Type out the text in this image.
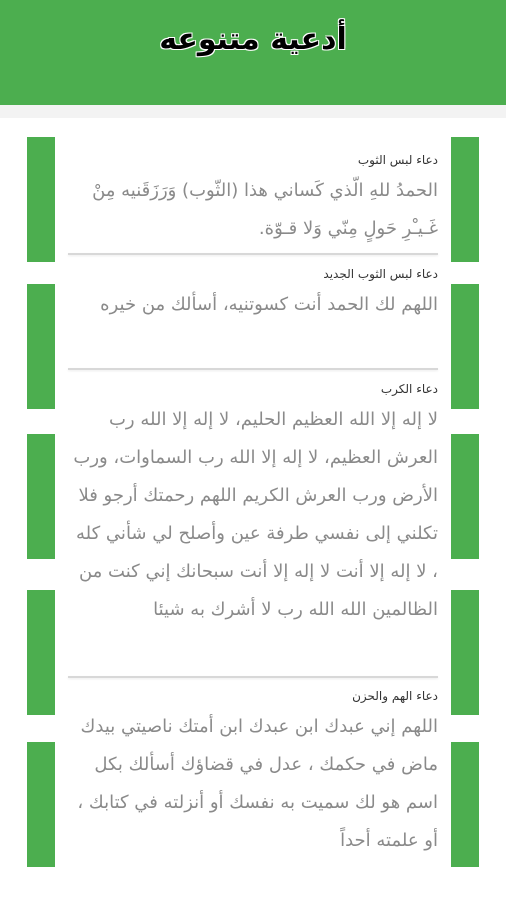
أدعية متنوعه
دعاء لبس الثوب
الحمدُ للهِ الّذي كَساني هذا (الثّوب) وَرَزَقَنيه مِنْ غَـيـْرِ حَولٍ مِنّي وَلا قـوّة.
دعاء لبس الثوب الجديد
اللهم لك الحمد أنت كسوتنيه، أسألك من خيره
دعاء الكرب
لا إله إلا الله العظيم الحليم، لا إله إلا الله رب العرش العظيم، لا إله إلا الله رب السماوات، ورب الأرض ورب العرش الكريم اللهم رحمتك أرجو فلا تكلني إلى نفسي طرفة عين وأصلح لي شأني كله ، لا إله إلا أنت لا إله إلا أنت سبحانك إني كنت من الظالمين الله الله رب لا أشرك به شيئا
دعاء الهم والحزن
اللهم إني عبدك ابن عبدك ابن أمتك ناصيتي بيدك ماض في حكمك ، عدل في قضاؤك أسألك بكل اسم هو لك سميت به نفسك أو أنزلته في كتابك ، أو علمته أحداً
